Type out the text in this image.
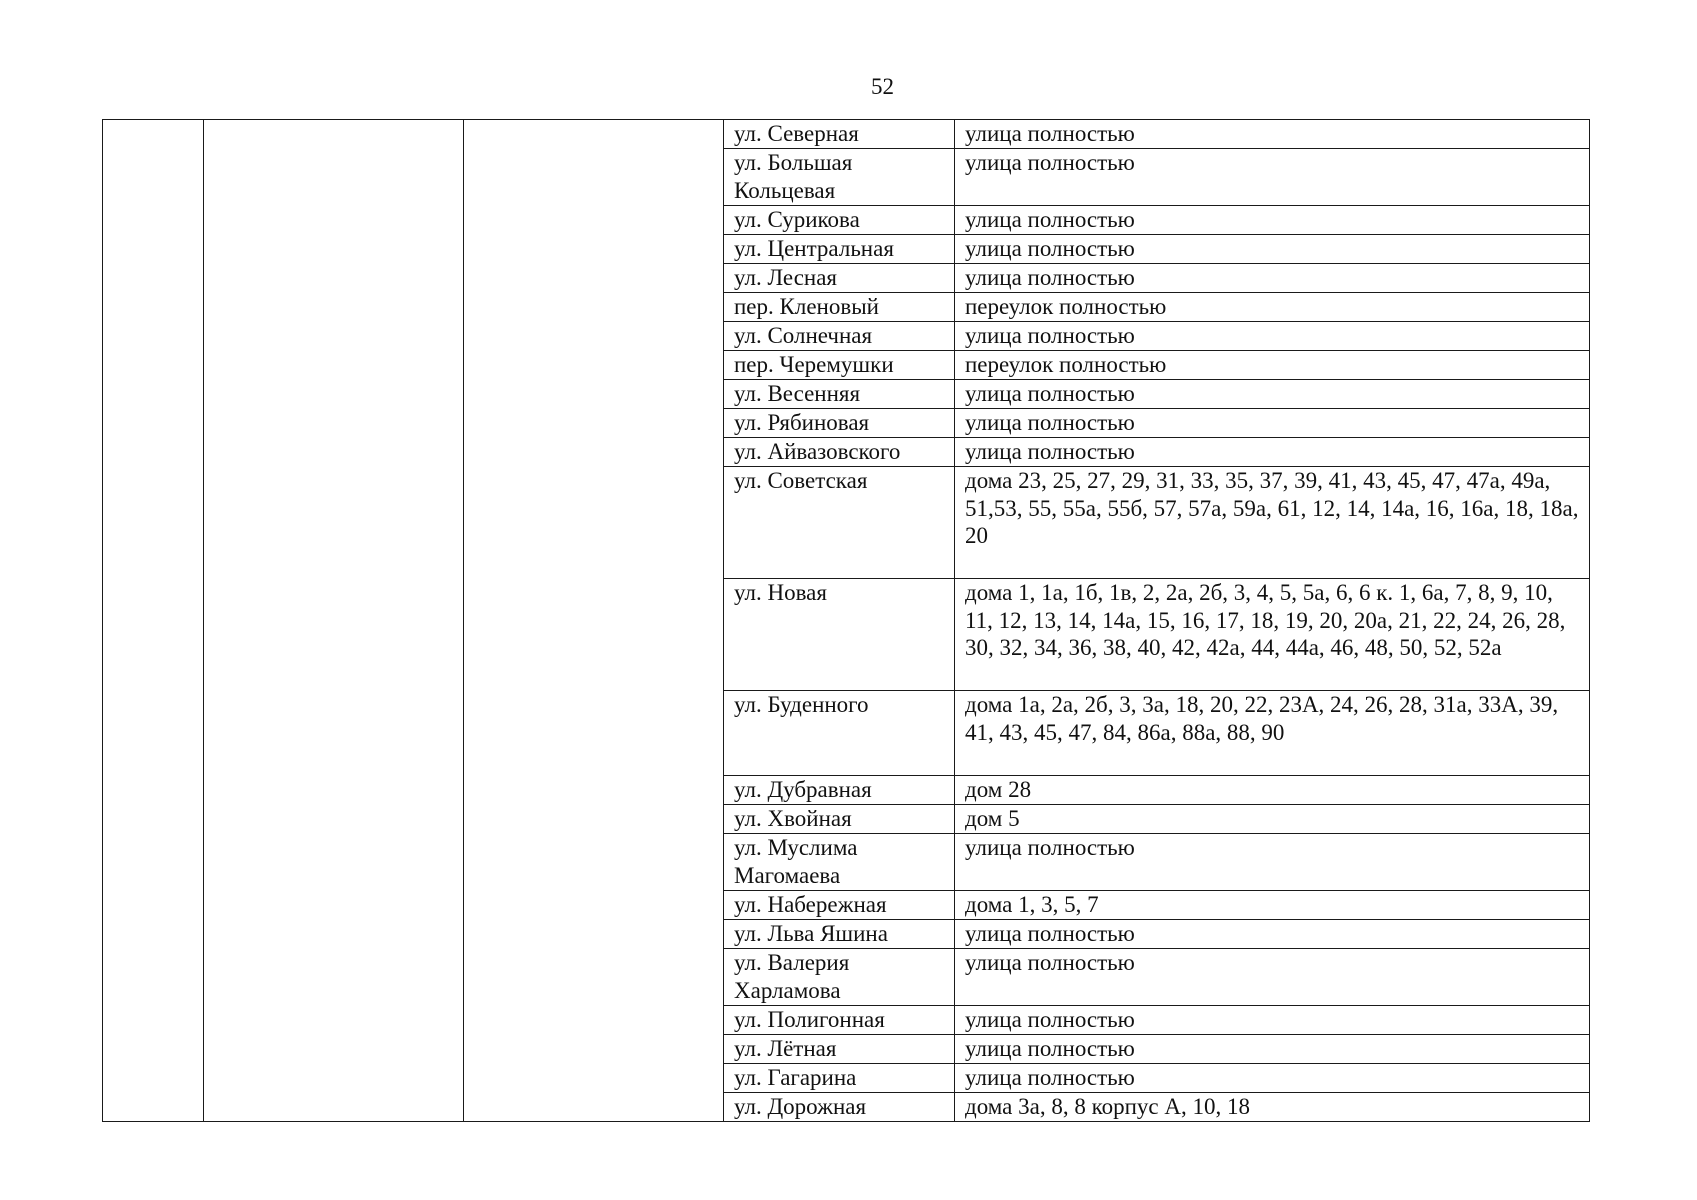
52

			ул. Северная	улица полностью

			ул. Большая Кольцевая	улица полностью

			ул. Сурикова	улица полностью

			ул. Центральная	улица полностью

			ул. Лесная	улица полностью

			пер. Кленовый	переулок полностью

			ул. Солнечная	улица полностью

			пер. Черемушки	переулок полностью

			ул. Весенняя	улица полностью

			ул. Рябиновая	улица полностью

			ул. Айвазовского	улица полностью

			ул. Советская	дома 23, 25, 27, 29, 31, 33, 35, 37, 39, 41, 43, 45, 47, 47а, 49а, 51,53, 55, 55а, 55б, 57, 57а, 59а, 61, 12, 14, 14а, 16, 16а, 18, 18а, 20

			ул. Новая	дома 1, 1а, 1б, 1в, 2, 2а, 2б, 3, 4, 5, 5а, 6, 6 к. 1, 6а, 7, 8, 9, 10, 11, 12, 13, 14, 14а, 15, 16, 17, 18, 19, 20, 20а, 21, 22, 24, 26, 28, 30, 32, 34, 36, 38, 40, 42, 42а, 44, 44а, 46, 48, 50, 52, 52а

			ул. Буденного	дома 1а, 2а, 2б, 3, 3а, 18, 20, 22, 23А, 24, 26, 28, 31а, 33А, 39, 41, 43, 45, 47, 84, 86а, 88а, 88, 90

			ул. Дубравная	дом 28

			ул. Хвойная	дом 5

			ул. Муслима Магомаева	улица полностью

			ул. Набережная	дома 1, 3, 5, 7

			ул. Льва Яшина	улица полностью

			ул. Валерия Харламова	улица полностью

			ул. Полигонная	улица полностью

			ул. Лётная	улица полностью

			ул. Гагарина	улица полностью

			ул. Дорожная	дома 3а, 8, 8 корпус А, 10, 18
